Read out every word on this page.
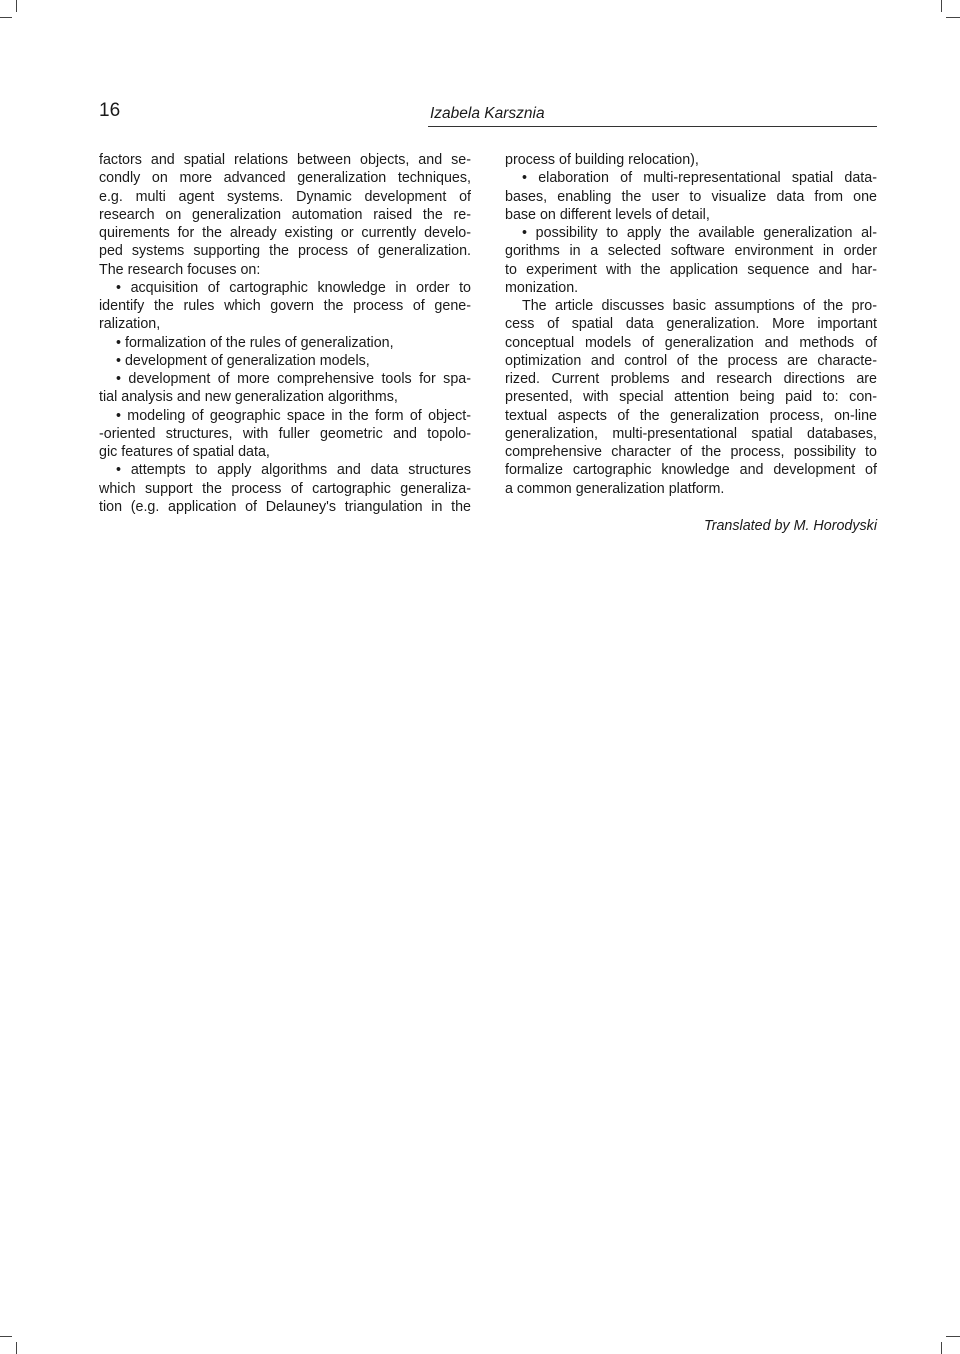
16	Izabela Karsznia
factors and spatial relations between objects, and se-
condly on more advanced generalization techniques,
e.g. multi agent systems. Dynamic development of
research on generalization automation raised the re-
quirements for the already existing or currently develo-
ped systems supporting the process of generalization.
The research focuses on:
• acquisition of cartographic knowledge in order to
identify the rules which govern the process of gene-
ralization,
• formalization of the rules of generalization,
• development of generalization models,
• development of more comprehensive tools for spa-
tial analysis and new generalization algorithms,
• modeling of geographic space in the form of object-
-oriented structures, with fuller geometric and topolo-
gic features of spatial data,
• attempts to apply algorithms and data structures
which support the process of cartographic generaliza-
tion (e.g. application of Delauney's triangulation in the
process of building relocation),
• elaboration of multi-representational spatial data-
bases, enabling the user to visualize data from one
base on different levels of detail,
• possibility to apply the available generalization al-
gorithms in a selected software environment in order
to experiment with the application sequence and har-
monization.
The article discusses basic assumptions of the pro-
cess of spatial data generalization. More important
conceptual models of generalization and methods of
optimization and control of the process are characte-
rized. Current problems and research directions are
presented, with special attention being paid to: con-
textual aspects of the generalization process, on-line
generalization, multi-presentational spatial databases,
comprehensive character of the process, possibility to
formalize cartographic knowledge and development of
a common generalization platform.
Translated by M. Horodyski
